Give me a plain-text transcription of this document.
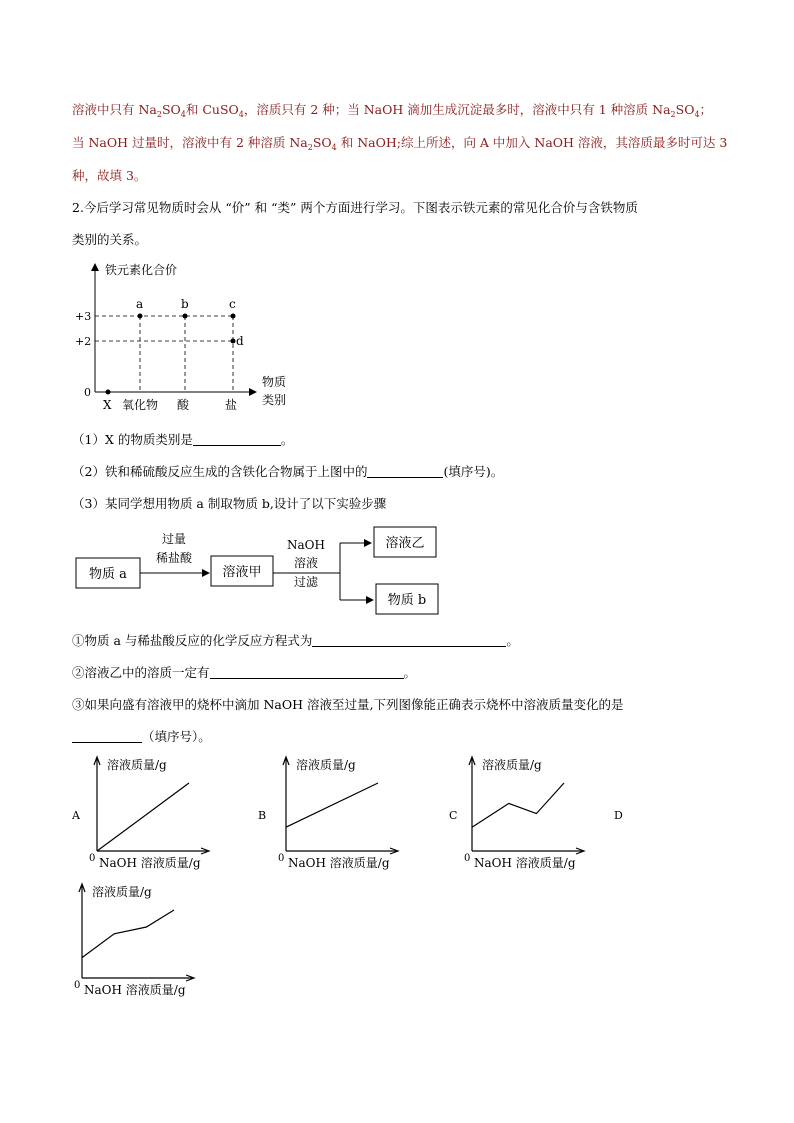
溶液中只有 $Na_2SO_4$和 CuSO$_4$，溶质只有 2 种；当 NaOH 滴加生成沉淀最多时，溶液中只有 1 种溶质 $Na_2SO_4$；
当 NaOH 过量时，溶液中有 2 种溶质 $Na_2SO_4$ 和 NaOH;综上所述，向 A 中加入 NaOH 溶液，其溶质最多时可达 3
种，故填 3。
2.今后学习常见物质时会从 “价” 和 “类” 两个方面进行学习。下图表示铁元素的常见化合价与含铁物质
类别的关系。
铁元素化合价
物质
类别
+3
+2
0
a	b	c
d
X 氧化物 酸	盐
（1）X 的物质类别是	。
（2）铁和稀硫酸反应生成的含铁化合物属于上图中的	(填序号)。
（3）某同学想用物质 a 制取物质 b,设计了以下实验步骤
物质 a
过量
稀盐酸
溶液甲
NaOH
溶液
过滤
溶液乙
物质 b
①物质 a 与稀盐酸反应的化学反应方程式为	。
②溶液乙中的溶质一定有	。
③如果向盛有溶液甲的烧杯中滴加 NaOH 溶液至过量,下列图像能正确表示烧杯中溶液质量变化的是
（填序号）。
A	B	C	D
溶液质量/g
NaOH 溶液质量/g
0
溶液质量/g
NaOH 溶液质量/g
0
溶液质量/g
NaOH 溶液质量/g
0
溶液质量/g
NaOH 溶液质量/g
0
